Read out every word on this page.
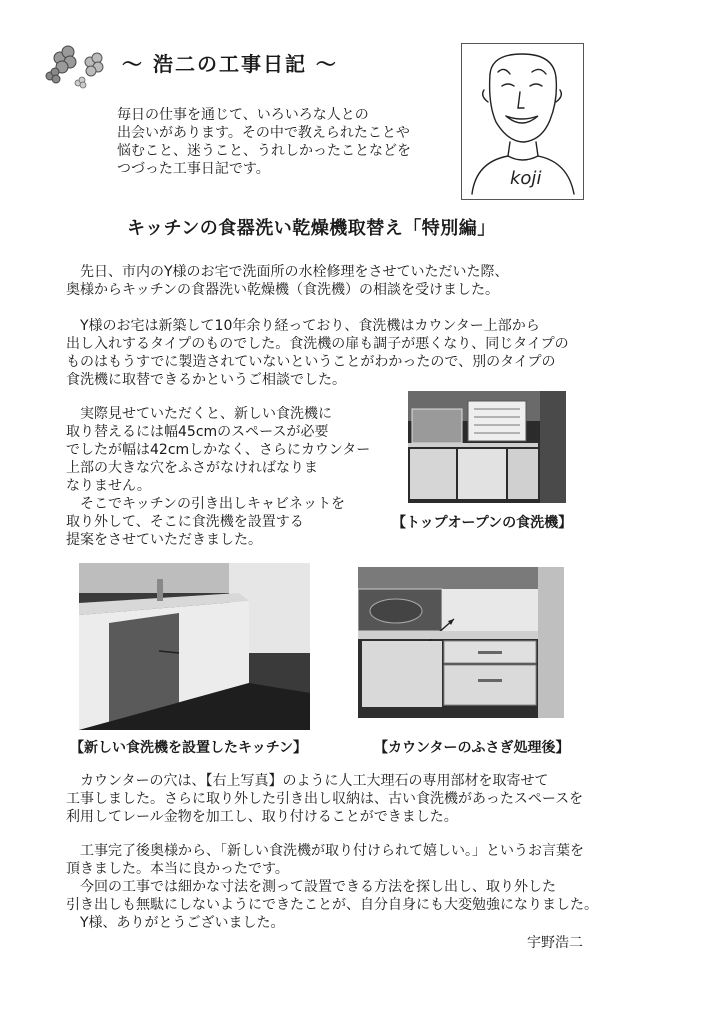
～ 浩二の工事日記 ～
毎日の仕事を通じて、いろいろな人との
出会いがあります。その中で教えられたことや
悩むこと、迷うこと、うれしかったことなどを
つづった工事日記です。	koji
キッチンの食器洗い乾燥機取替え「特別編」
　先日、市内のY様のお宅で洗面所の水栓修理をさせていただいた際、
奥様からキッチンの食器洗い乾燥機（食洗機）の相談を受けました。
　Y様のお宅は新築して10年余り経っており、食洗機はカウンター上部から
出し入れするタイプのものでした。食洗機の扉も調子が悪くなり、同じタイプの
ものはもうすでに製造されていないということがわかったので、別のタイプの
食洗機に取替できるかというご相談でした。
　実際見せていただくと、新しい食洗機に
取り替えるには幅45cmのスペースが必要
でしたが幅は42cmしかなく、さらにカウンター
上部の大きな穴をふさがなければなりま
なりません。
　そこでキッチンの引き出しキャビネットを
取り外して、そこに食洗機を設置する
提案をさせていただきました。
【トップオープンの食洗機】
【新しい食洗機を設置したキッチン】	【カウンターのふさぎ処理後】
　カウンターの穴は、【右上写真】のように人工大理石の専用部材を取寄せて
工事しました。さらに取り外した引き出し収納は、古い食洗機があったスペースを
利用してレール金物を加工し、取り付けることができました。
　工事完了後奥様から、「新しい食洗機が取り付けられて嬉しい。」というお言葉を
頂きました。本当に良かったです。
　今回の工事では細かな寸法を測って設置できる方法を探し出し、取り外した
引き出しも無駄にしないようにできたことが、自分自身にも大変勉強になりました。
　Y様、ありがとうございました。
宇野浩二
